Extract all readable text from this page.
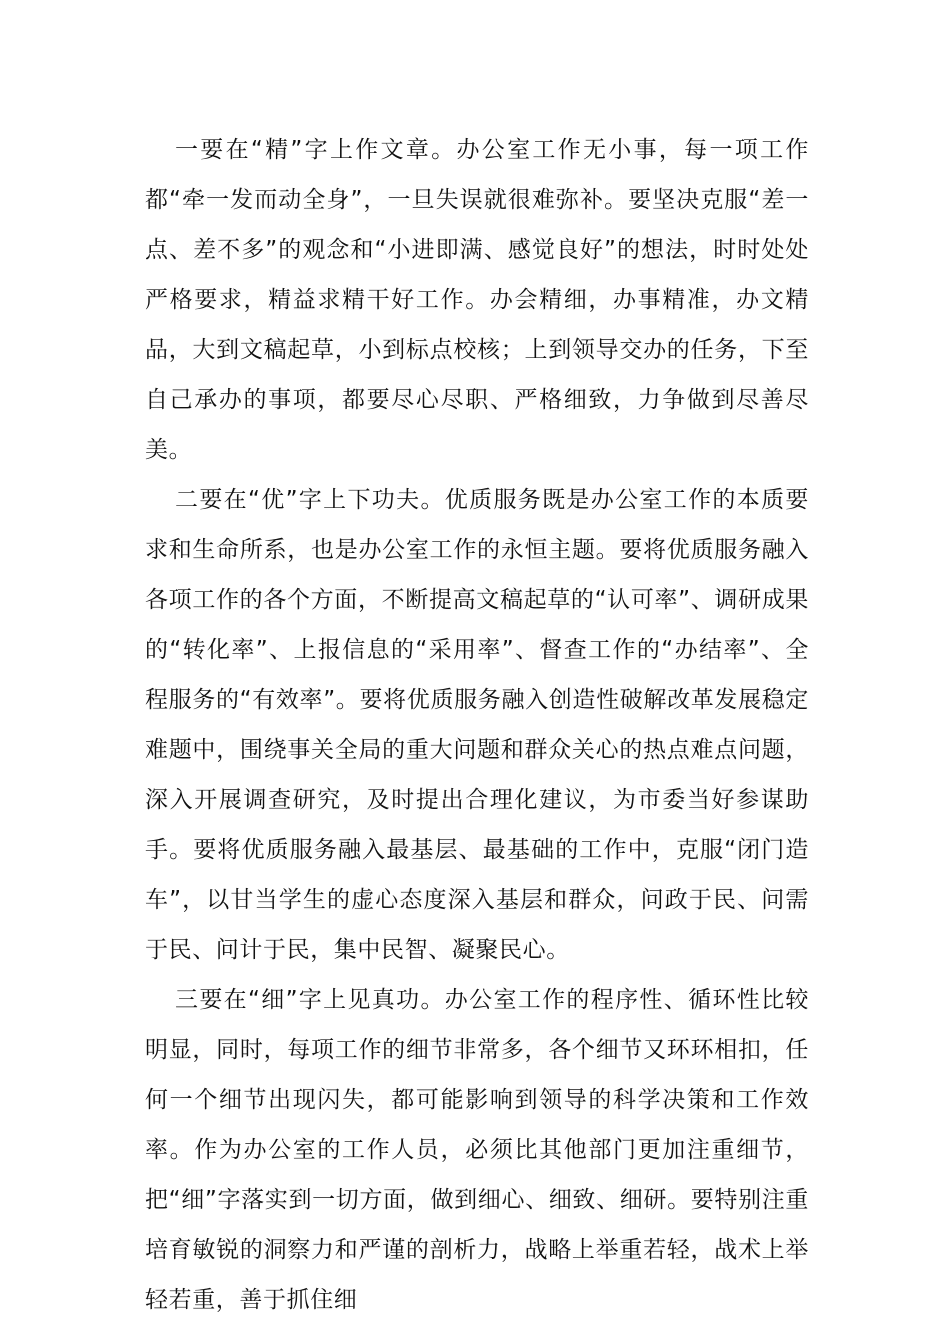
一要在“精”字上作文章。办公室工作无小事，每一项工作都“牵一发而动全身”，一旦失误就很难弥补。要坚决克服“差一点、差不多”的观念和“小进即满、感觉良好”的想法，时时处处严格要求，精益求精干好工作。办会精细，办事精准，办文精品，大到文稿起草，小到标点校核；上到领导交办的任务，下至自己承办的事项，都要尽心尽职、严格细致，力争做到尽善尽美。

二要在“优”字上下功夫。优质服务既是办公室工作的本质要求和生命所系，也是办公室工作的永恒主题。要将优质服务融入各项工作的各个方面，不断提高文稿起草的“认可率”、调研成果的“转化率”、上报信息的“采用率”、督查工作的“办结率”、全程服务的“有效率”。要将优质服务融入创造性破解改革发展稳定难题中，围绕事关全局的重大问题和群众关心的热点难点问题，深入开展调查研究，及时提出合理化建议，为市委当好参谋助手。要将优质服务融入最基层、最基础的工作中，克服“闭门造车”，以甘当学生的虚心态度深入基层和群众，问政于民、问需于民、问计于民，集中民智、凝聚民心。

三要在“细”字上见真功。办公室工作的程序性、循环性比较明显，同时，每项工作的细节非常多，各个细节又环环相扣，任何一个细节出现闪失，都可能影响到领导的科学决策和工作效率。作为办公室的工作人员，必须比其他部门更加注重细节，把“细”字落实到一切方面，做到细心、细致、细研。要特别注重培育敏锐的洞察力和严谨的剖析力，战略上举重若轻，战术上举轻若重，善于抓住细
